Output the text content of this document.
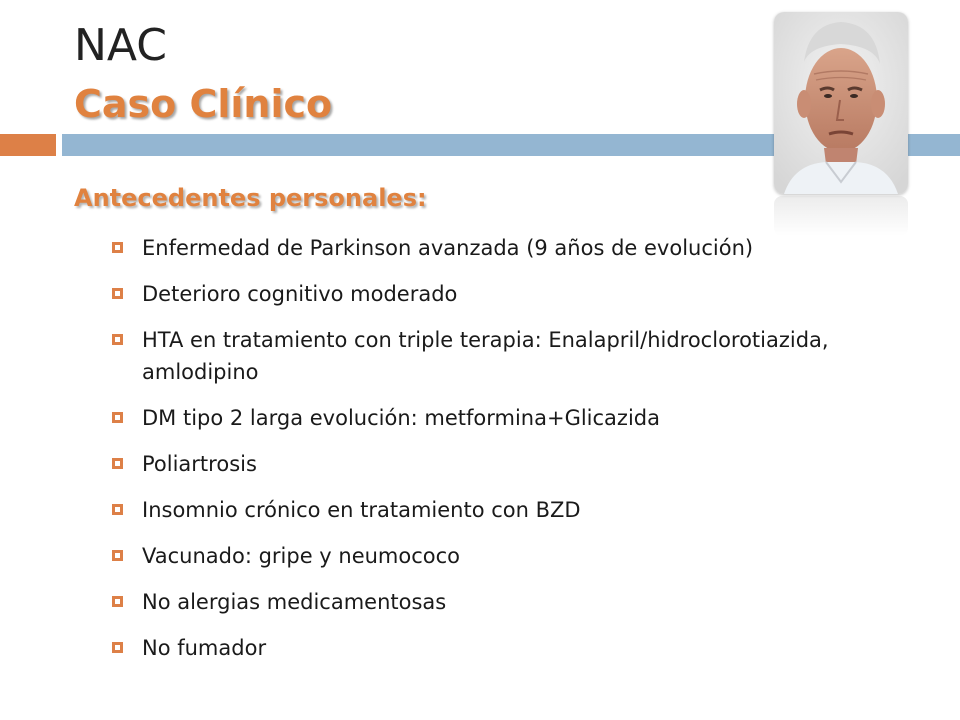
NAC
Caso Clínico
Antecedentes personales:
Enfermedad de Parkinson avanzada (9 años de evolución)
Deterioro cognitivo moderado
HTA en tratamiento con triple terapia: Enalapril/hidroclorotiazida, amlodipino
DM tipo 2 larga evolución: metformina+Glicazida
Poliartrosis
Insomnio crónico en tratamiento con BZD
Vacunado: gripe y neumococo
No alergias medicamentosas
No fumador
